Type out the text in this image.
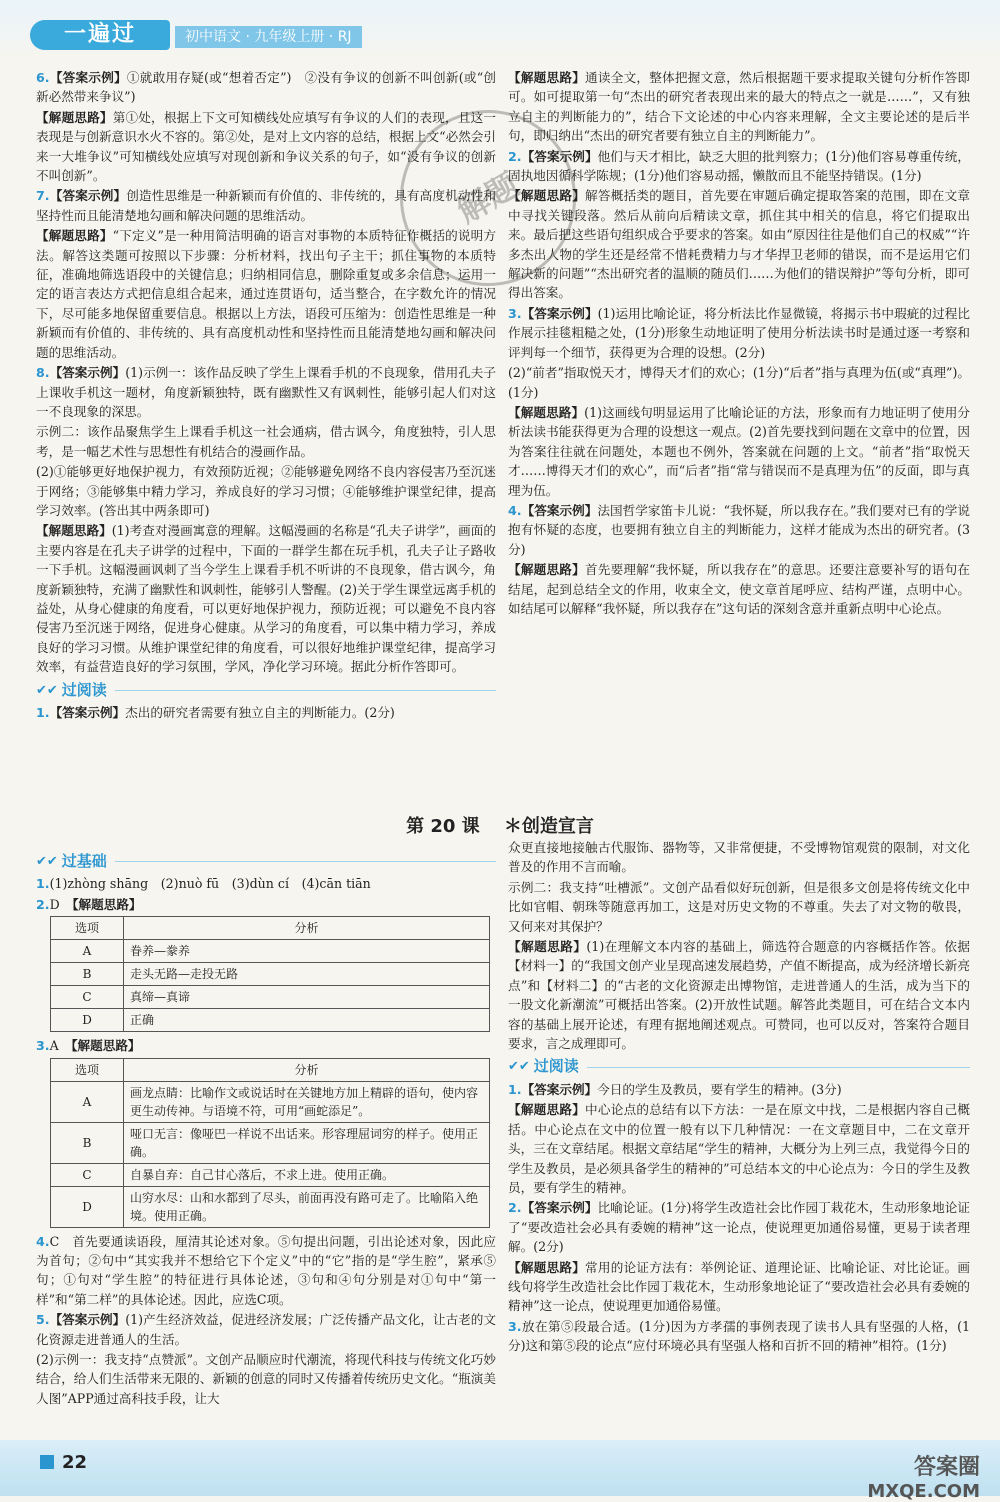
一遍过	初中语文 · 九年级上册 · RJ
解题

6.【答案示例】①就敢用存疑(或“想着否定”)　②没有争议的创新不叫创新(或“创新必然带来争议”)

【解题思路】第①处，根据上下文可知横线处应填写有争议的人们的表现，且这一表现是与创新意识水火不容的。第②处，是对上文内容的总结，根据上文“必然会引来一大堆争议”可知横线处应填写对现创新和争议关系的句子，如“没有争议的创新不叫创新”。

7.【答案示例】创造性思维是一种新颖而有价值的、非传统的，具有高度机动性和坚持性而且能清楚地勾画和解决问题的思维活动。

【解题思路】“下定义”是一种用简洁明确的语言对事物的本质特征作概括的说明方法。解答这类题可按照以下步骤：分析材料，找出句子主干；抓住事物的本质特征，准确地筛选语段中的关键信息；归纳相同信息，删除重复或多余信息；运用一定的语言表达方式把信息组合起来，通过连贯语句，适当整合，在字数允许的情况下，尽可能多地保留重要信息。根据以上方法，语段可压缩为：创造性思维是一种新颖而有价值的、非传统的、具有高度机动性和坚持性而且能清楚地勾画和解决问题的思维活动。

8.【答案示例】(1)示例一：该作品反映了学生上课看手机的不良现象，借用孔夫子上课收手机这一题材，角度新颖独特，既有幽默性又有讽刺性，能够引起人们对这一不良现象的深思。

示例二：该作品聚焦学生上课看手机这一社会通病，借古讽今，角度独特，引人思考，是一幅艺术性与思想性有机结合的漫画作品。

(2)①能够更好地保护视力，有效预防近视；②能够避免网络不良内容侵害乃至沉迷于网络；③能够集中精力学习，养成良好的学习习惯；④能够维护课堂纪律，提高学习效率。(答出其中两条即可)

【解题思路】(1)考查对漫画寓意的理解。这幅漫画的名称是“孔夫子讲学”，画面的主要内容是在孔夫子讲学的过程中，下面的一群学生都在玩手机，孔夫子让子路收一下手机。这幅漫画讽刺了当今学生上课看手机不听讲的不良现象，借古讽今，角度新颖独特，充满了幽默性和讽刺性，能够引人警醒。(2)关于学生课堂远离手机的益处，从身心健康的角度看，可以更好地保护视力，预防近视；可以避免不良内容侵害乃至沉迷于网络，促进身心健康。从学习的角度看，可以集中精力学习，养成良好的学习习惯。从维护课堂纪律的角度看，可以很好地维护课堂纪律，提高学习效率，有益营造良好的学习氛围，学风，净化学习环境。据此分析作答即可。

✔✔ 过阅读

1.【答案示例】杰出的研究者需要有独立自主的判断能力。(2分)

【解题思路】通读全文，整体把握文意，然后根据题干要求提取关键句分析作答即可。如可提取第一句“杰出的研究者表现出来的最大的特点之一就是……”，又有独立自主的判断能力的”，结合下文论述的中心内容来理解，全文主要论述的是后半句，即归纳出“杰出的研究者要有独立自主的判断能力”。

2.【答案示例】他们与天才相比，缺乏大胆的批判察力；(1分)他们容易尊重传统，固执地因循科学陈规；(1分)他们容易动摇，懒散而且不能坚持错误。(1分)

【解题思路】解答概括类的题目，首先要在审题后确定提取答案的范围，即在文章中寻找关键段落。然后从前向后精读文章，抓住其中相关的信息，将它们提取出来。最后把这些语句组织成合乎要求的答案。如由“原因往往是他们自己的权威”“许多杰出人物的学生还是经常不惜耗费精力与才华捍卫老师的错误，而不是运用它们解决新的问题”“杰出研究者的温顺的随员们……为他们的错误辩护”等句分析，即可得出答案。

3.【答案示例】(1)运用比喻论证，将分析法比作显微镜，将揭示书中瑕疵的过程比作展示挂毯粗糙之处，(1分)形象生动地证明了使用分析法读书时是通过逐一考察和评判每一个细节，获得更为合理的设想。(2分)

(2)“前者”指取悦天才，博得天才们的欢心；(1分)“后者”指与真理为伍(或“真理”)。(1分)

【解题思路】(1)这画线句明显运用了比喻论证的方法，形象而有力地证明了使用分析法读书能获得更为合理的设想这一观点。(2)首先要找到问题在文章中的位置，因为答案往往就在问题处，本题也不例外，答案就在问题的上文。“前者”指“取悦天才……博得天才们的欢心”，而“后者”指“常与错误而不是真理为伍”的反面，即与真理为伍。

4.【答案示例】法国哲学家笛卡儿说：“我怀疑，所以我存在。”我们要对已有的学说抱有怀疑的态度，也要拥有独立自主的判断能力，这样才能成为杰出的研究者。(3分)

【解题思路】首先要理解“我怀疑，所以我存在”的意思。还要注意要补写的语句在结尾，起到总结全文的作用，收束全文，使文章首尾呼应、结构严谨，点明中心。如结尾可以解释“我怀疑，所以我存在”这句话的深刻含意并重新点明中心论点。

第 20 课　 ＊创造宣言
✔✔ 过基础

1.(1)zhòng shāng　(2)nuò fū　(3)dùn cí　(4)cān tiān

2.D　 【解题思路】

选项	分析
A	眷养—豢养
B	走头无路—走投无路
C	真缔—真谛
D	正确

3.A　 【解题思路】

选项	分析
A	画龙点睛：比喻作文或说话时在关键地方加上精辟的语句，使内容更生动传神。与语境不符，可用“画蛇添足”。
B	哑口无言：像哑巴一样说不出话来。形容理屈词穷的样子。使用正确。
C	自暴自弃：自己甘心落后，不求上进。使用正确。
D	山穷水尽：山和水都到了尽头，前面再没有路可走了。比喻陷入绝境。使用正确。

4.C　 首先要通读语段，厘清其论述对象。⑤句提出问题，引出论述对象，因此应为首句；②句中“其实我并不想给它下个定义”中的“它”指的是“学生腔”，紧承⑤句；①句对“学生腔”的特征进行具体论述，③句和④句分别是对①句中“第一样”和“第二样”的具体论述。因此，应选C项。

5.【答案示例】(1)产生经济效益，促进经济发展；广泛传播产品文化，让古老的文化资源走进普通人的生活。

(2)示例一：我支持“点赞派”。文创产品顺应时代潮流，将现代科技与传统文化巧妙结合，给人们生活带来无限的、新颖的创意的同时又传播着传统历史文化。“瓶演美人图”APP通过高科技手段，让大

众更直接地接触古代服饰、器物等，又非常便捷，不受博物馆观赏的限制，对文化普及的作用不言而喻。

示例二：我支持“吐槽派”。文创产品看似好玩创新，但是很多文创是将传统文化中比如官帽、朝珠等随意再加工，这是对历史文物的不尊重。失去了对文物的敬畏，又何来对其保护？

【解题思路】(1)在理解文本内容的基础上，筛选符合题意的内容概括作答。依据【材料一】的“我国文创产业呈现高速发展趋势，产值不断提高，成为经济增长新亮点”和【材料二】的“古老的文化资源走出博物馆，走进普通人的生活，成为当下的一股文化新潮流”可概括出答案。(2)开放性试题。解答此类题目，可在结合文本内容的基础上展开论述，有理有据地阐述观点。可赞同，也可以反对，答案符合题目要求，言之成理即可。

✔✔ 过阅读

1.【答案示例】今日的学生及教员，要有学生的精神。(3分)

【解题思路】中心论点的总结有以下方法：一是在原文中找，二是根据内容自己概括。中心论点在文中的位置一般有以下几种情况：一在文章题目中，二在文章开头，三在文章结尾。根据文章结尾“学生的精神，大概分为上列三点，我觉得今日的学生及教员，是必须具备学生的精神的”可总结本文的中心论点为：今日的学生及教员，要有学生的精神。

2.【答案示例】比喻论证。(1分)将学生改造社会比作园丁栽花木，生动形象地论证了“要改造社会必具有委婉的精神”这一论点，使说理更加通俗易懂，更易于读者理解。(2分)

【解题思路】常用的论证方法有：举例论证、道理论证、比喻论证、对比论证。画线句将学生改造社会比作园丁栽花木，生动形象地论证了“要改造社会必具有委婉的精神”这一论点，使说理更加通俗易懂。

3.放在第⑤段最合适。(1分)因为方孝孺的事例表现了读书人具有坚强的人格，(1分)这和第⑤段的论点“应付环境必具有坚强人格和百折不回的精神”相符。(1分)

22	答案圈
MXQE.COM
